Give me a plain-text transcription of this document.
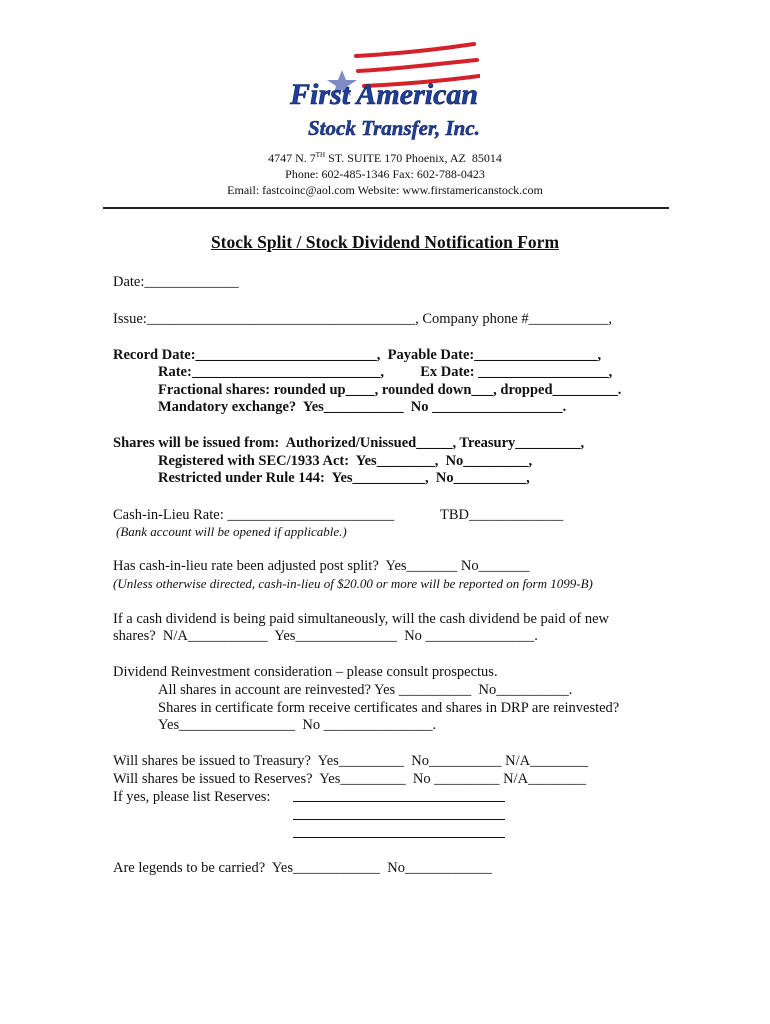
First American
Stock Transfer, Inc.
4747 N. 7TH ST. SUITE 170 Phoenix, AZ  85014
Phone: 602-485-1346 Fax: 602-788-0423
Email: fastcoinc@aol.com Website: www.firstamericanstock.com
Stock Split / Stock Dividend Notification Form
Date:_____________
Issue:_____________________________________, Company phone #___________,
Record Date:_________________________,  Payable Date:_________________,
Rate:__________________________,          Ex Date: __________________,
Fractional shares: rounded up____, rounded down___, dropped_________.
Mandatory exchange?  Yes___________  No __________________.
Shares will be issued from:  Authorized/Unissued_____, Treasury_________,
Registered with SEC/1933 Act:  Yes________,  No_________,
Restricted under Rule 144:  Yes__________,  No__________,
Cash-in-Lieu Rate: _______________________	TBD_____________
(Bank account will be opened if applicable.)
Has cash-in-lieu rate been adjusted post split?  Yes_______ No_______
(Unless otherwise directed, cash-in-lieu of $20.00 or more will be reported on form 1099-B)
If a cash dividend is being paid simultaneously, will the cash dividend be paid of new
shares?  N/A___________  Yes______________  No _______________.
Dividend Reinvestment consideration – please consult prospectus.
All shares in account are reinvested? Yes __________  No__________.
Shares in certificate form receive certificates and shares in DRP are reinvested?
Yes________________  No _______________.
Will shares be issued to Treasury?  Yes_________  No__________ N/A________
Will shares be issued to Reserves?  Yes_________  No _________ N/A________
If yes, please list Reserves:
Are legends to be carried?  Yes____________  No____________
